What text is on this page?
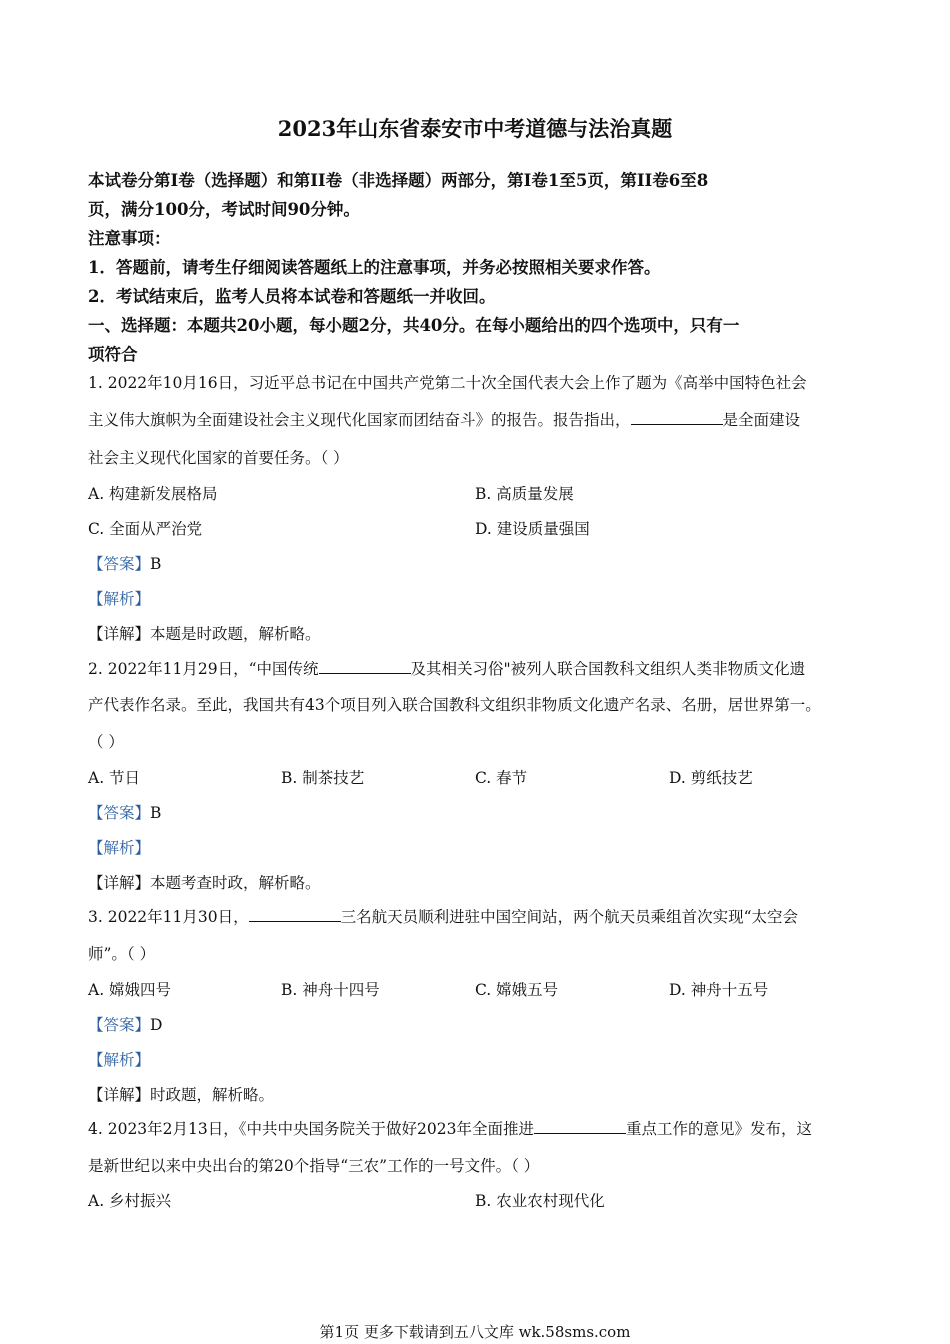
2023年山东省泰安市中考道德与法治真题
本试卷分第Ⅰ卷（选择题）和第II卷（非选择题）两部分，第I卷1至5页，第II卷6至8
页，满分100分，考试时间90分钟。
注意事项：
1．答题前，请考生仔细阅读答题纸上的注意事项，并务必按照相关要求作答。
2．考试结束后，监考人员将本试卷和答题纸一并收回。
一、选择题：本题共20小题，每小题2分，共40分。在每小题给出的四个选项中，只有一
项符合
1. 2022年10月16日，习近平总书记在中国共产党第二十次全国代表大会上作了题为《高举中国特色社会
主义伟大旗帜为全面建设社会主义现代化国家而团结奋斗》的报告。报告指出，	是全面建设
社会主义现代化国家的首要任务。（ ）
A. 构建新发展格局	B. 高质量发展
C. 全面从严治党	D. 建设质量强国
【答案】B
【解析】
【详解】本题是时政题，解析略。
2. 2022年11月29日，“中国传统	及其相关习俗"被列人联合国教科文组织人类非物质文化遗
产代表作名录。至此，我国共有43个项目列入联合国教科文组织非物质文化遗产名录、名册，居世界第一。
（ ）
A. 节日	B. 制茶技艺	C. 春节	D. 剪纸技艺
【答案】B
【解析】
【详解】本题考查时政，解析略。
3. 2022年11月30日，	三名航天员顺利进驻中国空间站，两个航天员乘组首次实现“太空会
师”。（ ）
A. 嫦娥四号	B. 神舟十四号	C. 嫦娥五号	D. 神舟十五号
【答案】D
【解析】
【详解】时政题，解析略。
4. 2023年2月13日，《中共中央国务院关于做好2023年全面推进	重点工作的意见》发布，这
是新世纪以来中央出台的第20个指导“三农”工作的一号文件。（ ）
A. 乡村振兴	B. 农业农村现代化
第1页 更多下载请到五八文库 wk.58sms.com
